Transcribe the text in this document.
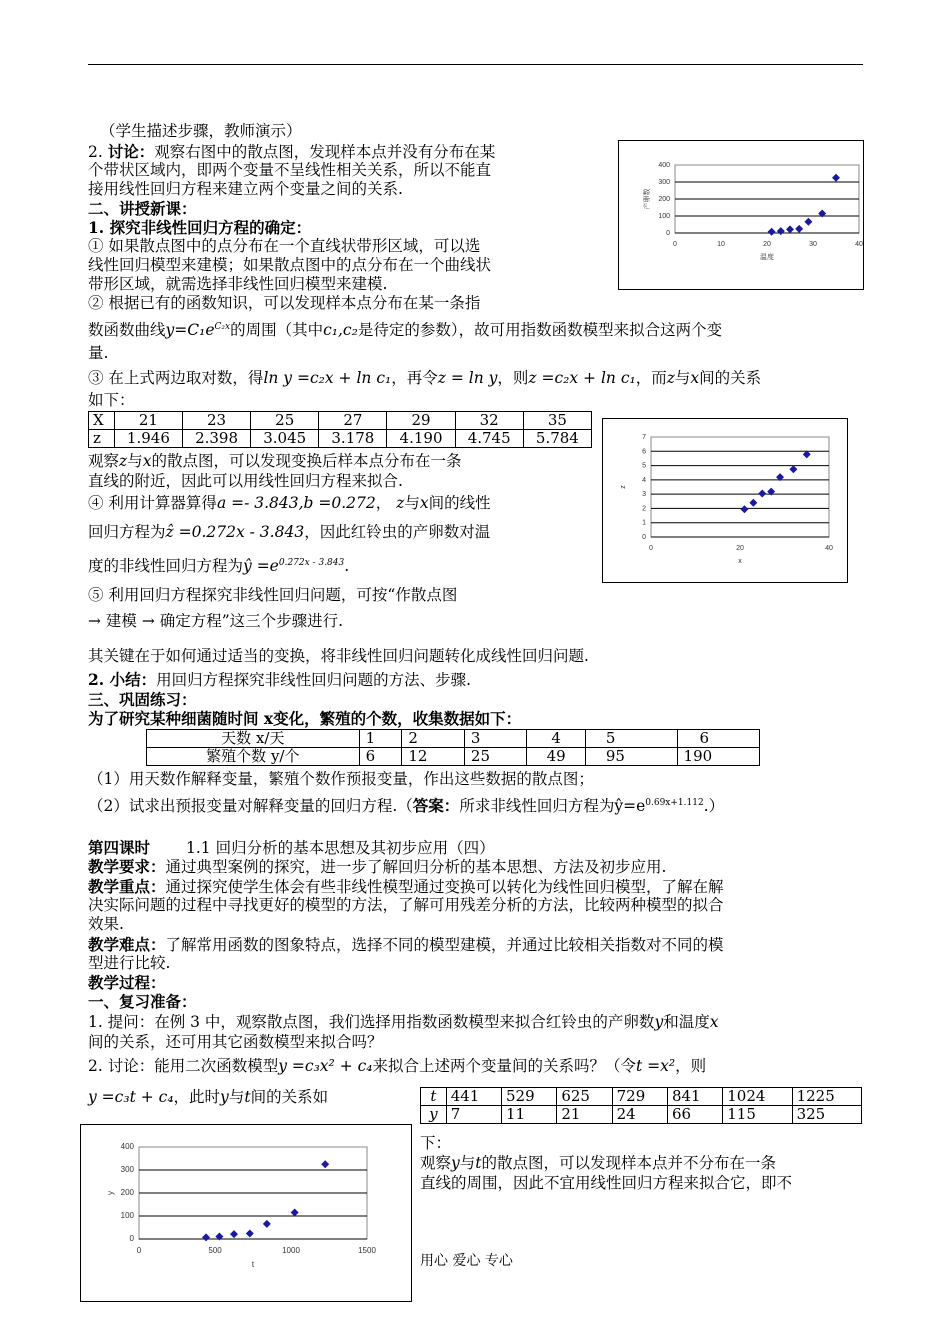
（学生描述步骤，教师演示）
2. 讨论：观察右图中的散点图，发现样本点并没有分布在某
个带状区域内，即两个变量不呈线性相关关系，所以不能直
接用线性回归方程来建立两个变量之间的关系.
二、讲授新课：
1. 探究非线性回归方程的确定：
① 如果散点图中的点分布在一个直线状带形区域，可以选
线性回归模型来建模；如果散点图中的点分布在一个曲线状
带形区域，就需选择非线性回归模型来建模.
② 根据已有的函数知识，可以发现样本点分布在某一条指
数函数曲线$y=C_1e^{C_2x}$的周围（其中c₁,c₂是待定的参数），故可用指数函数模型来拟合这两个变
量.
③ 在上式两边取对数，得ln y =c₂x + ln c₁，再令z = ln y，则z =c₂x + ln c₁，而z与x间的关系
如下：
X	21	23	25	27	29	32	35
z	1.946	2.398	3.045	3.178	4.190	4.745	5.784
观察z与x的散点图，可以发现变换后样本点分布在一条
直线的附近，因此可以用线性回归方程来拟合.
④ 利用计算器算得a =- 3.843,b =0.272， z与x间的线性
回归方程为ẑ =0.272x - 3.843，因此红铃虫的产卵数对温
度的非线性回归方程为ŷ $=e^{0.272x - 3.843}$.
⑤ 利用回归方程探究非线性回归问题，可按“作散点图
→ 建模 → 确定方程”这三个步骤进行.
其关键在于如何通过适当的变换，将非线性回归问题转化成线性回归问题.
2. 小结：用回归方程探究非线性回归问题的方法、步骤.
三、巩固练习：
为了研究某种细菌随时间 x变化，繁殖的个数，收集数据如下：
天数 x/天	1	2	3	4	5	6
繁殖个数 y/个	6	12	25	49	95	190
（1）用天数作解释变量，繁殖个数作预报变量，作出这些数据的散点图；
（2）试求出预报变量对解释变量的回归方程.（答案：所求非线性回归方程为$ŷ=e^{0.69x+1.112}$.）
第四课时 1.1 回归分析的基本思想及其初步应用（四）
教学要求：通过典型案例的探究，进一步了解回归分析的基本思想、方法及初步应用.
教学重点：通过探究使学生体会有些非线性模型通过变换可以转化为线性回归模型，了解在解
决实际问题的过程中寻找更好的模型的方法，了解可用残差分析的方法，比较两种模型的拟合
效果.
教学难点：了解常用函数的图象特点，选择不同的模型建模，并通过比较相关指数对不同的模
型进行比较.
教学过程：
一、复习准备：
1. 提问：在例 3 中，观察散点图，我们选择用指数函数模型来拟合红铃虫的产卵数y和温度x
间的关系，还可用其它函数模型来拟合吗？
2. 讨论：能用二次函数模型y =c₃x² + c₄来拟合上述两个变量间的关系吗？（令t =x²，则
y =c₃t + c₄，此时y与t间的关系如	t	441	529	625	729	841	1024	1225
y	7	11	21	24	66	115	325
下：
观察y与t的散点图，可以发现样本点并不分布在一条
直线的周围，因此不宜用线性回归方程来拟合它，即不
用心 爱心 专心
0
100
200
300
400
0	10	20	30	40
温度
产卵数
0
1
2
3
4
5
6
7
0	20	40
x
z
0
100
200
300
400
0	500	1000	1500
t
y
